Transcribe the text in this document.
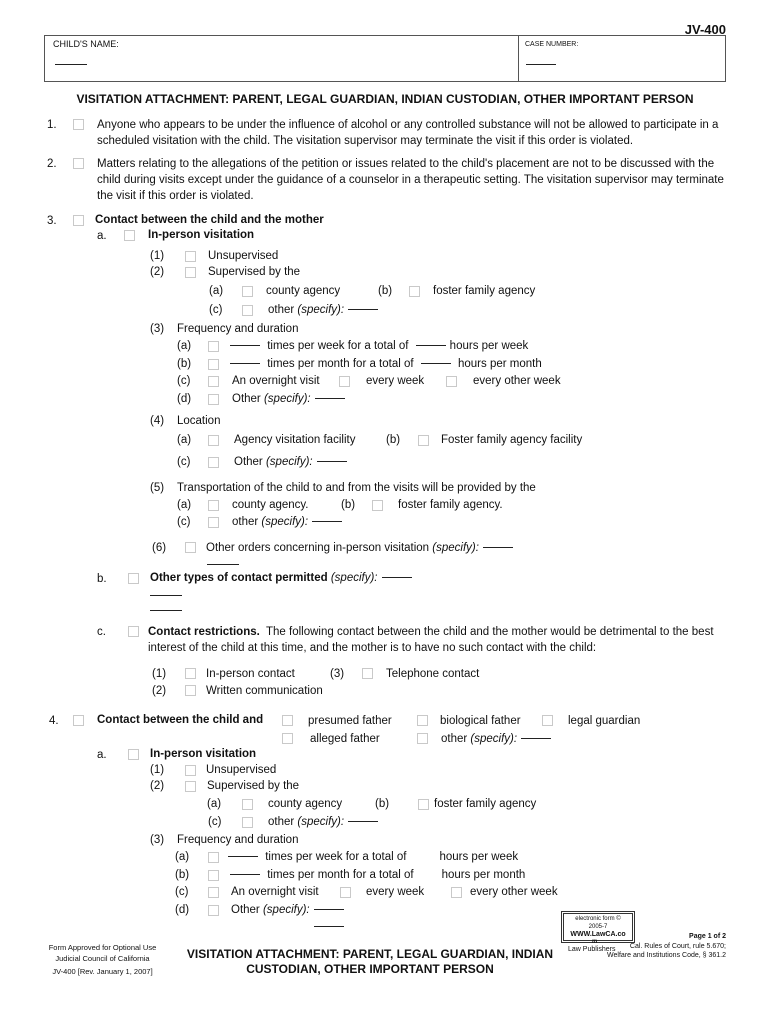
JV-400
CHILD'S NAME:	CASE NUMBER:
VISITATION ATTACHMENT: PARENT, LEGAL GUARDIAN, INDIAN CUSTODIAN, OTHER IMPORTANT PERSON
1.	Anyone who appears to be under the influence of alcohol or any controlled substance will not be allowed to participate in a scheduled visitation with the child. The visitation supervisor may terminate the visit if this order is violated.
2.	Matters relating to the allegations of the petition or issues related to the child's placement are not to be discussed with the child during visits except under the guidance of a counselor in a therapeutic setting. The visitation supervisor may terminate the visit if this order is violated.
3.	Contact between the child and the mother
a.	In-person visitation
(1)	Unsupervised
(2)	Supervised by the
(a)	county agency	(b)	foster family agency
(c)	other (specify):
(3) Frequency and duration
(a)	times per week for a total of	hours per week
(b)	times per month for a total of	hours per month
(c)	An overnight visit	every week	every other week
(d)	Other (specify):
(4) Location
(a)	Agency visitation facility	(b)	Foster family agency facility
(c)	Other (specify):
(5) Transportation of the child to and from the visits will be provided by the
(a)	county agency.	(b)	foster family agency.
(c)	other (specify):
(6)	Other orders concerning in-person visitation (specify):
b.	Other types of contact permitted (specify):
c.	Contact restrictions. The following contact between the child and the mother would be detrimental to the best interest of the child at this time, and the mother is to have no such contact with the child:
(1)	In-person contact	(3)	Telephone contact
(2)	Written communication
4.	Contact between the child and	presumed father	biological father	legal guardian
alleged father	other (specify):
a.	In-person visitation
(1)	Unsupervised
(2)	Supervised by the
(a)	county agency	(b)	foster family agency
(c)	other (specify):
(3) Frequency and duration
(a)	times per week for a total of	hours per week
(b)	times per month for a total of hours per month
(c)	An overnight visit	every week	every other week
(d)	Other (specify):
Form Approved for Optional Use
Judicial Council of California
JV-400 [Rev. January 1, 2007]
VISITATION ATTACHMENT: PARENT, LEGAL GUARDIAN, INDIAN
CUSTODIAN, OTHER IMPORTANT PERSON
electronic form ©
2005-7
WWW.LawCA.co
m
Law Publishers
Page 1 of 2
Cal. Rules of Court, rule 5.670;
Welfare and Institutions Code, § 361.2
